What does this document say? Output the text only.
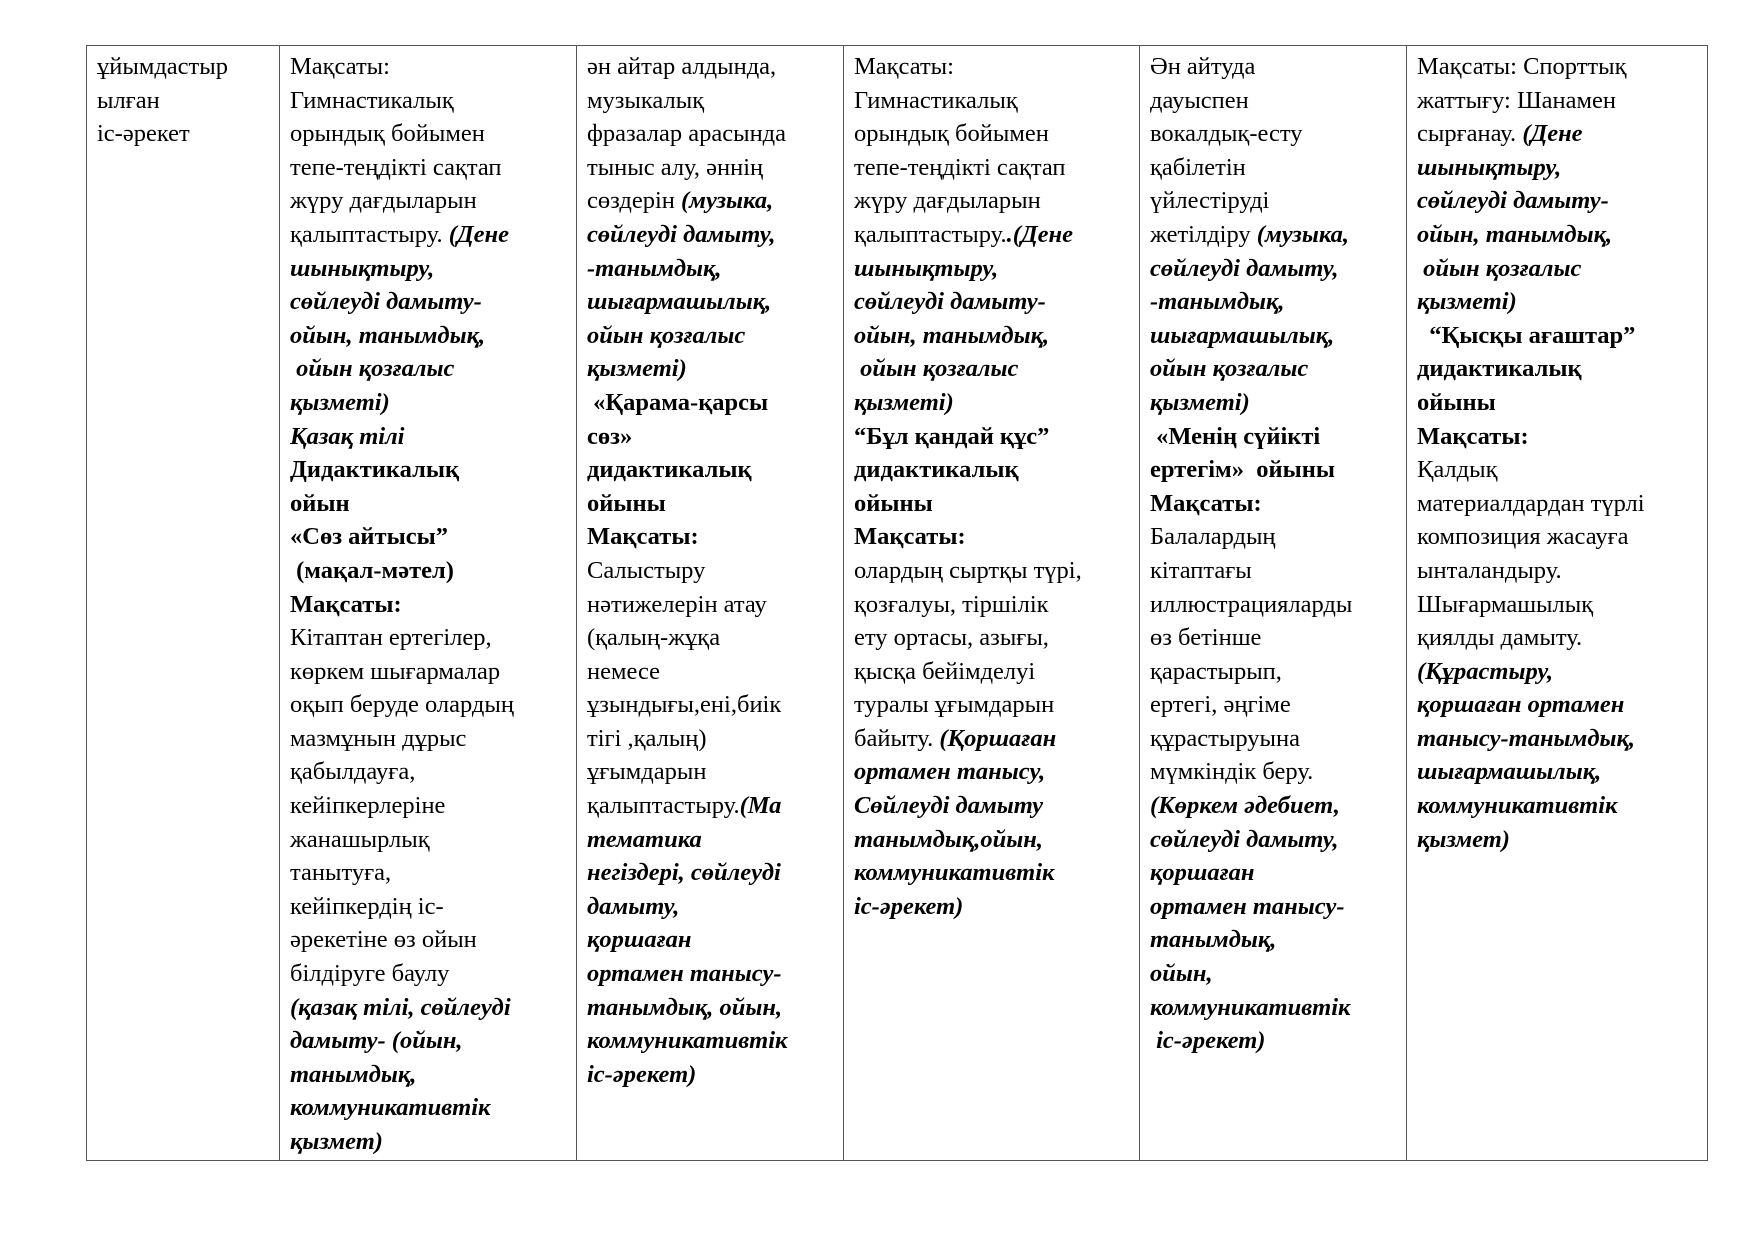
ұйымдастыр
ылған
іс-әрекет

Мақсаты:
Гимнастикалық
орындық бойымен
тепе-теңдікті сақтап
жүру дағдыларын
қалыптастыру. (Дене
шынықтыру,
сөйлеуді дамыту-
ойын, танымдық,
ойын қозғалыс
қызметі)
Қазақ тілі
Дидактикалық
ойын
«Сөз айтысы”
(мақал-мәтел)
Мақсаты:
Кітаптан ертегілер,
көркем шығармалар
оқып беруде олардың
мазмұнын дұрыс
қабылдауға,
кейіпкерлеріне
жанашырлық
танытуға,
кейіпкердің іс-
әрекетіне өз ойын
білдіруге баулу
(қазақ тілі, сөйлеуді
дамыту- (ойын,
танымдық,
коммуникативтік
қызмет)

ән айтар алдында,
музыкалық
фразалар арасында
тыныс алу, әннің
сөздерін (музыка,
сөйлеуді дамыту,
-танымдық,
шығармашылық,
ойын қозғалыс
қызметі)
«Қарама-қарсы
сөз»
дидактикалық
ойыны
Мақсаты:
Салыстыру
нәтижелерін атау
(қалың-жұқа
немесе
ұзындығы,ені,биік
тігі ,қалың)
ұғымдарын
қалыптастыру.(Ма
тематика
негіздері, сөйлеуді
дамыту,
қоршаған
ортамен танысу-
танымдық, ойын,
коммуникативтік
іс-әрекет)

Мақсаты:
Гимнастикалық
орындық бойымен
тепе-теңдікті сақтап
жүру дағдыларын
қалыптастыру..(Дене
шынықтыру,
сөйлеуді дамыту-
ойын, танымдық,
ойын қозғалыс
қызметі)
“Бұл қандай құс”
дидактикалық
ойыны
Мақсаты:
олардың сыртқы түрі,
қозғалуы, тіршілік
ету ортасы, азығы,
қысқа бейімделуі
туралы ұғымдарын
байыту. (Қоршаған
ортамен танысу,
Сөйлеуді дамыту
танымдық,ойын,
коммуникативтік
іс-әрекет)

Ән айтуда
дауыспен
вокалдық-есту
қабілетін
үйлестіруді
жетілдіру (музыка,
сөйлеуді дамыту,
-танымдық,
шығармашылық,
ойын қозғалыс
қызметі)
«Менің сүйікті
ертегім»  ойыны
Мақсаты:
Балалардың
кітаптағы
иллюстрацияларды
өз бетінше
қарастырып,
ертегі, әңгіме
құрастыруына
мүмкіндік беру.
(Көркем әдебиет,
сөйлеуді дамыту,
қоршаған
ортамен танысу-
танымдық,
ойын,
коммуникативтік
іс-әрекет)

Мақсаты: Спорттық
жаттығу: Шанамен
сырғанау. (Дене
шынықтыру,
сөйлеуді дамыту-
ойын, танымдық,
ойын қозғалыс
қызметі)
“Қысқы ағаштар”
дидактикалық
ойыны
Мақсаты:
Қалдық
материалдардан түрлі
композиция жасауға
ынталандыру.
Шығармашылық
қиялды дамыту.
(Құрастыру,
қоршаған ортамен
танысу-танымдық,
шығармашылық,
коммуникативтік
қызмет)
